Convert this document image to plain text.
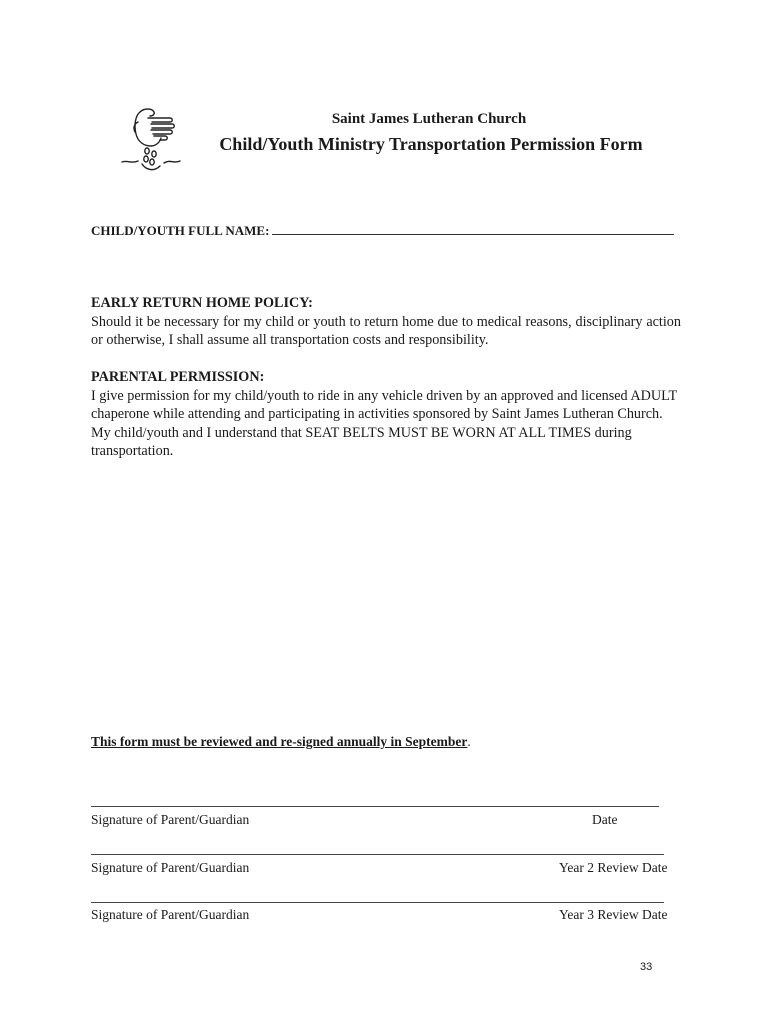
Saint James Lutheran Church
Child/Youth Ministry Transportation Permission Form
CHILD/YOUTH FULL NAME:
EARLY RETURN HOME POLICY:

Should it be necessary for my child or youth to return home due to medical reasons, disciplinary action or otherwise, I shall assume all transportation costs and responsibility.

PARENTAL PERMISSION:

I give permission for my child/youth to ride in any vehicle driven by an approved and licensed ADULT chaperone while attending and participating in activities sponsored by Saint James Lutheran Church. My child/youth and I understand that SEAT BELTS MUST BE WORN AT ALL TIMES during transportation.

This form must be reviewed and re-signed annually in September.
Signature of Parent/Guardian	Date
Signature of Parent/Guardian	Year 2 Review Date
Signature of Parent/Guardian	Year 3 Review Date
33
